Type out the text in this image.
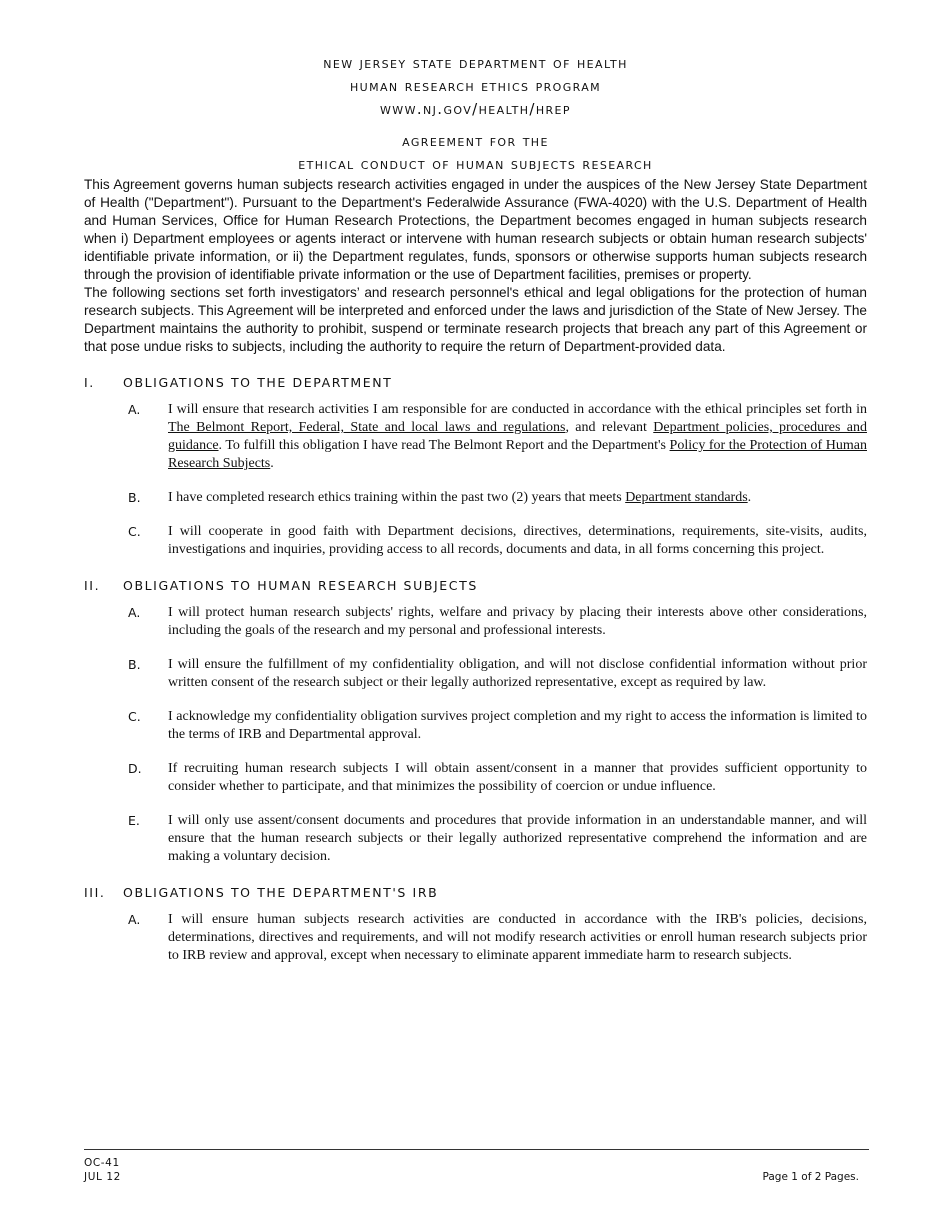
new jersey state department of health
human research ethics program
www.nj.gov/health/hrep
agreement for the
ethical conduct of human subjects research

This Agreement governs human subjects research activities engaged in under the auspices of the New Jersey State Department of Health ("Department"). Pursuant to the Department's Federalwide Assurance (FWA-4020) with the U.S. Department of Health and Human Services, Office for Human Research Protections, the Department becomes engaged in human subjects research when i) Department employees or agents interact or intervene with human research subjects or obtain human research subjects' identifiable private information, or ii) the Department regulates, funds, sponsors or otherwise supports human subjects research through the provision of identifiable private information or the use of Department facilities, premises or property.

The following sections set forth investigators’ and research personnel's ethical and legal obligations for the protection of human research subjects. This Agreement will be interpreted and enforced under the laws and jurisdiction of the State of New Jersey. The Department maintains the authority to prohibit, suspend or terminate research projects that breach any part of this Agreement or that pose undue risks to subjects, including the authority to require the return of Department-provided data.

I.	OBLIGATIONS TO THE DEPARTMENT
A.	I will ensure that research activities I am responsible for are conducted in accordance with the ethical principles set forth in The Belmont Report, Federal, State and local laws and regulations, and relevant Department policies, procedures and guidance. To fulfill this obligation I have read The Belmont Report and the Department's Policy for the Protection of Human Research Subjects.
B.	I have completed research ethics training within the past two (2) years that meets Department standards.
C.	I will cooperate in good faith with Department decisions, directives, determinations, requirements, site-visits, audits, investigations and inquiries, providing access to all records, documents and data, in all forms concerning this project.
II.	OBLIGATIONS TO HUMAN RESEARCH SUBJECTS
A.	I will protect human research subjects' rights, welfare and privacy by placing their interests above other considerations, including the goals of the research and my personal and professional interests.
B.	I will ensure the fulfillment of my confidentiality obligation, and will not disclose confidential information without prior written consent of the research subject or their legally authorized representative, except as required by law.
C.	I acknowledge my confidentiality obligation survives project completion and my right to access the information is limited to the terms of IRB and Departmental approval.
D.	If recruiting human research subjects I will obtain assent/consent in a manner that provides sufficient opportunity to consider whether to participate, and that minimizes the possibility of coercion or undue influence.
E.	I will only use assent/consent documents and procedures that provide information in an understandable manner, and will ensure that the human research subjects or their legally authorized representative comprehend the information and are making a voluntary decision.
III.	OBLIGATIONS TO THE DEPARTMENT'S IRB
A.	I will ensure human subjects research activities are conducted in accordance with the IRB's policies, decisions, determinations, directives and requirements, and will not modify research activities or enroll human research subjects prior to IRB review and approval, except when necessary to eliminate apparent immediate harm to research subjects.
OC-41
JUL 12	Page 1 of 2 Pages.
